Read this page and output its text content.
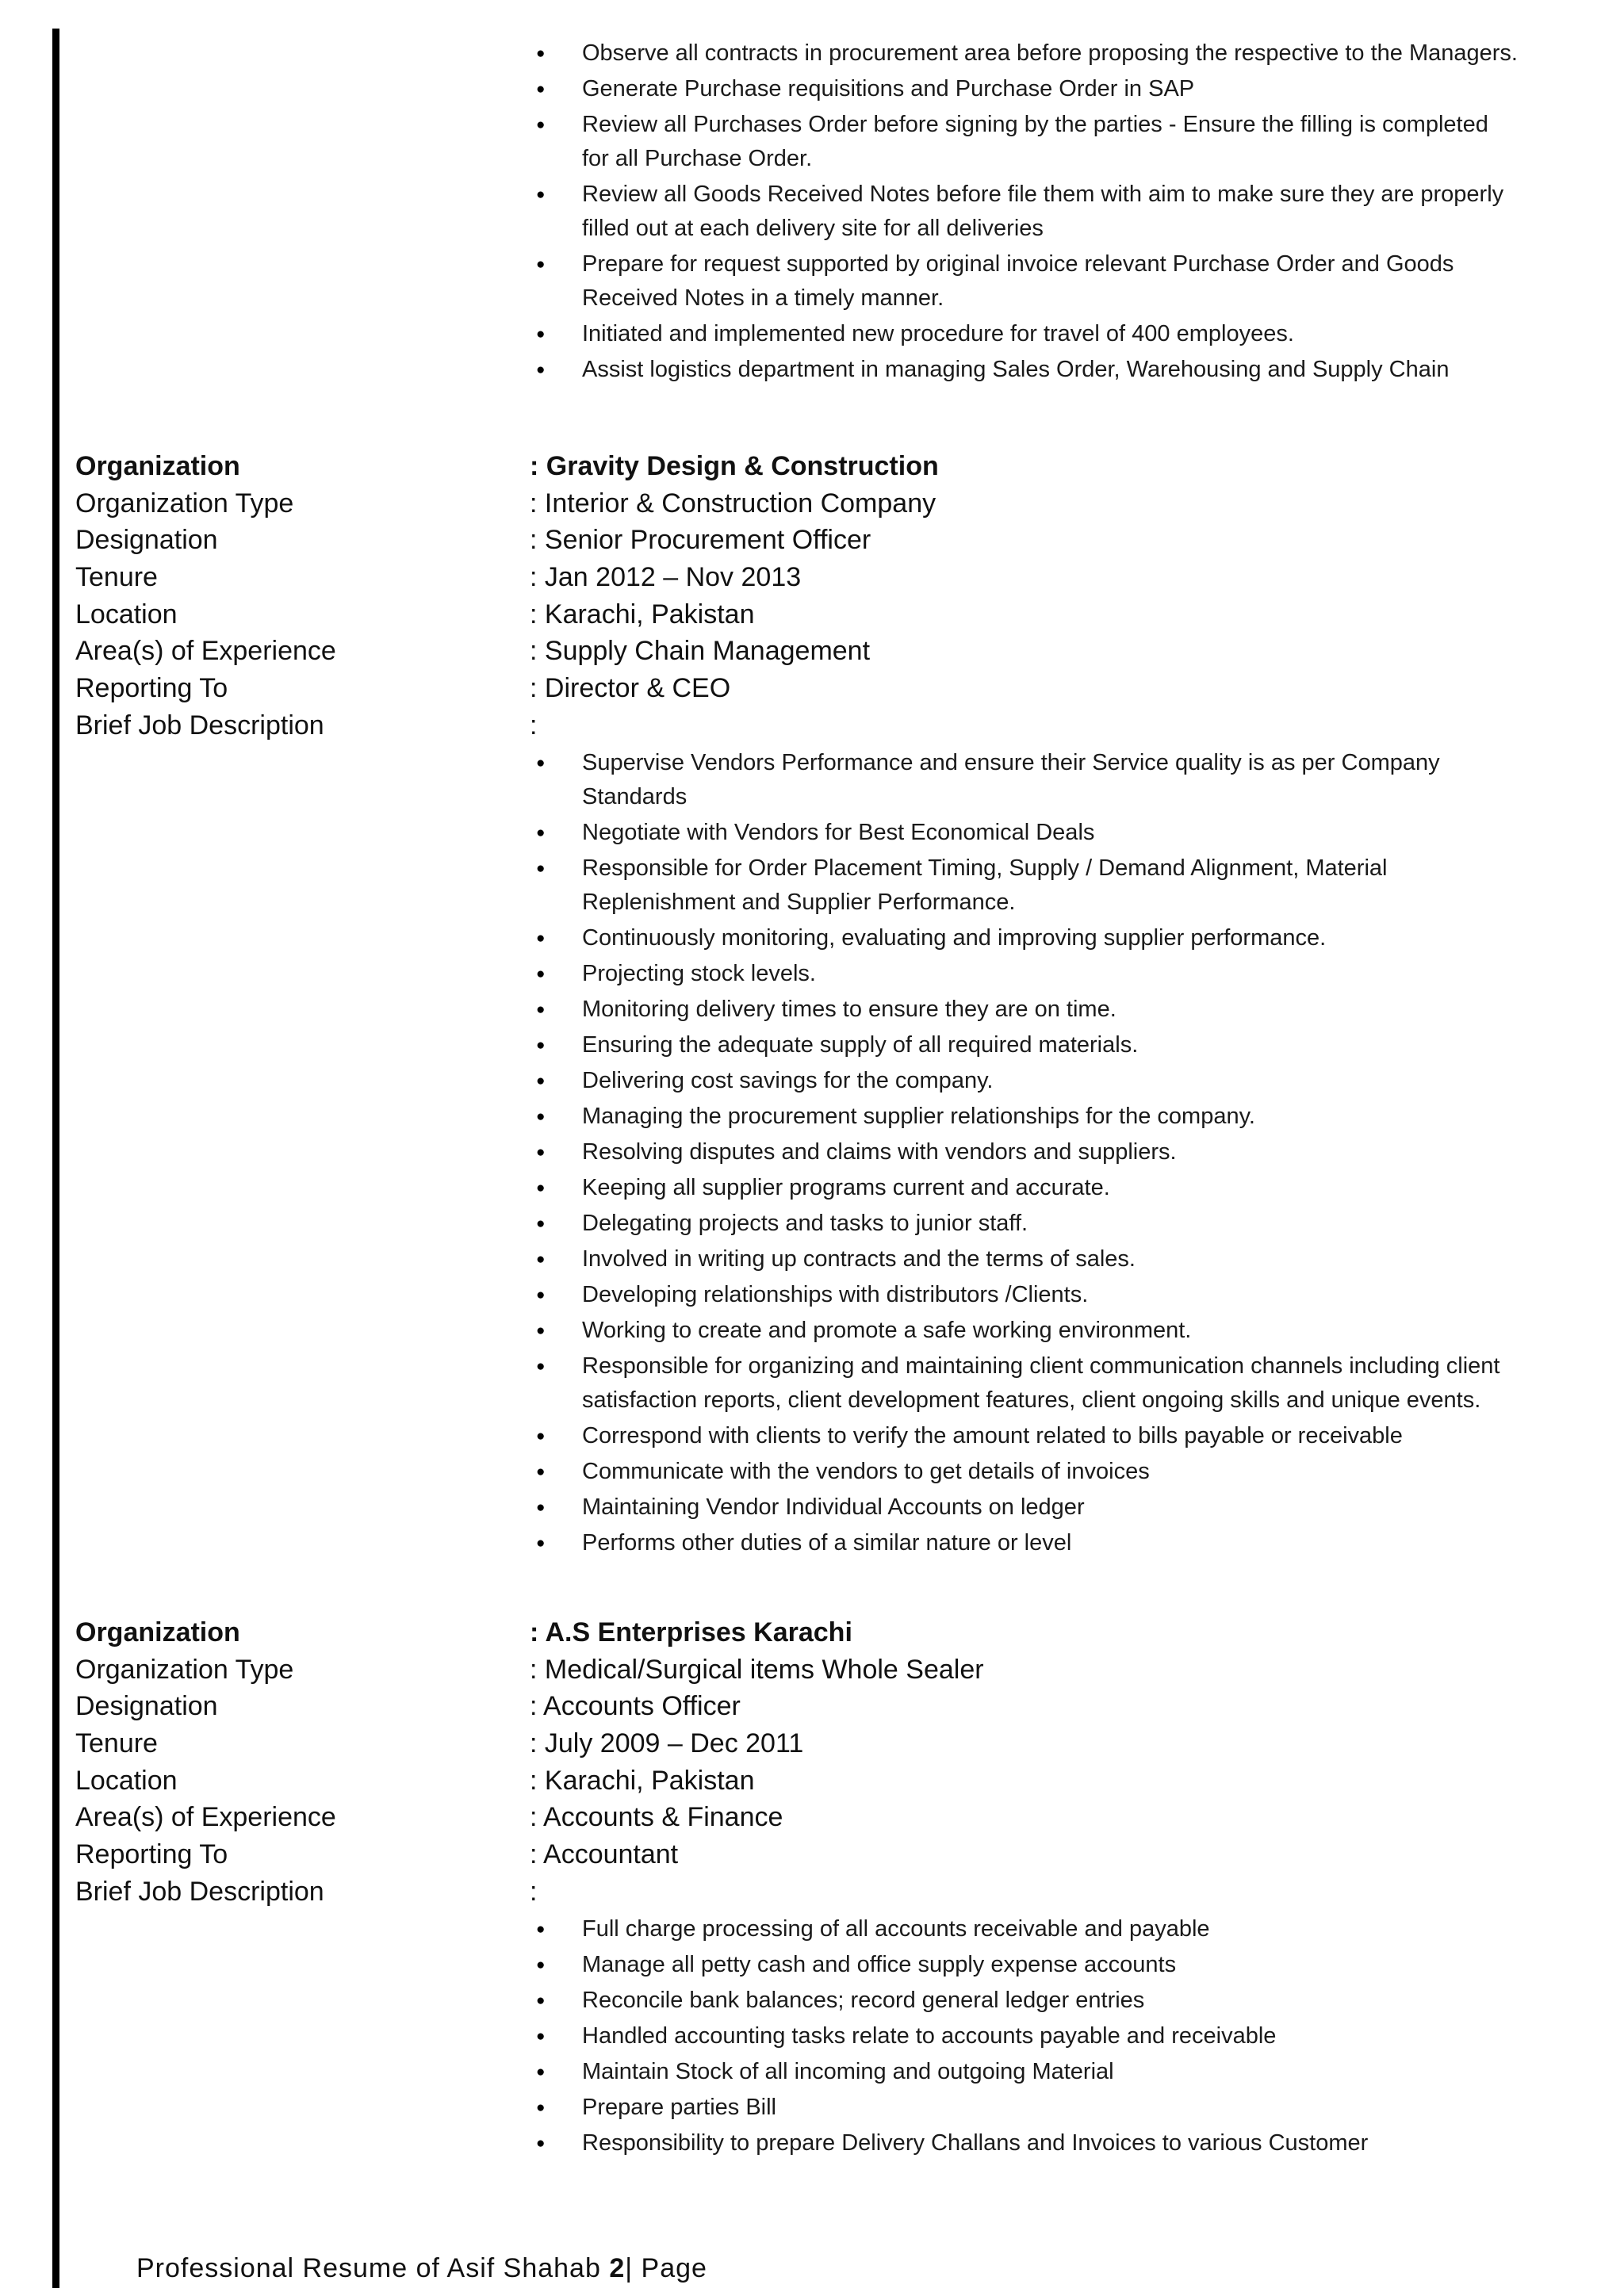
● Observe all contracts in procurement area before proposing the respective to the Managers.
● Generate Purchase requisitions and Purchase Order in SAP
● Review all Purchases Order before signing by the parties - Ensure the filling is completed for all Purchase Order.
● Review all Goods Received Notes before file them with aim to make sure they are properly filled out at each delivery site for all deliveries
● Prepare for request supported by original invoice relevant Purchase Order and Goods Received Notes in a timely manner.
● Initiated and implemented new procedure for travel of 400 employees.
● Assist logistics department in managing Sales Order, Warehousing and Supply Chain
Organization	: Gravity Design & Construction
Organization Type	: Interior & Construction Company
Designation	: Senior Procurement Officer
Tenure	: Jan 2012 – Nov 2013
Location	: Karachi, Pakistan
Area(s) of Experience	: Supply Chain Management
Reporting To	: Director & CEO
Brief Job Description	:
● Supervise Vendors Performance and ensure their Service quality is as per Company Standards
● Negotiate with Vendors for Best Economical Deals
● Responsible for Order Placement Timing, Supply / Demand Alignment, Material Replenishment and Supplier Performance.
● Continuously monitoring, evaluating and improving supplier performance.
● Projecting stock levels.
● Monitoring delivery times to ensure they are on time.
● Ensuring the adequate supply of all required materials.
● Delivering cost savings for the company.
● Managing the procurement supplier relationships for the company.
● Resolving disputes and claims with vendors and suppliers.
● Keeping all supplier programs current and accurate.
● Delegating projects and tasks to junior staff.
● Involved in writing up contracts and the terms of sales.
● Developing relationships with distributors /Clients.
● Working to create and promote a safe working environment.
● Responsible for organizing and maintaining client communication channels including client satisfaction reports, client development features, client ongoing skills and unique events.
● Correspond with clients to verify the amount related to bills payable or receivable
● Communicate with the vendors to get details of invoices
● Maintaining Vendor Individual Accounts on ledger
● Performs other duties of a similar nature or level
Organization	: A.S Enterprises Karachi
Organization Type	: Medical/Surgical items Whole Sealer
Designation	: Accounts Officer
Tenure	: July 2009 – Dec 2011
Location	: Karachi, Pakistan
Area(s) of Experience	: Accounts & Finance
Reporting To	: Accountant
Brief Job Description	:
● Full charge processing of all accounts receivable and payable
● Manage all petty cash and office supply expense accounts
● Reconcile bank balances; record general ledger entries
● Handled accounting tasks relate to accounts payable and receivable
● Maintain Stock of all incoming and outgoing Material
● Prepare parties Bill
● Responsibility to prepare Delivery Challans and Invoices to various Customer
Professional Resume of Asif Shahab 2| Page
